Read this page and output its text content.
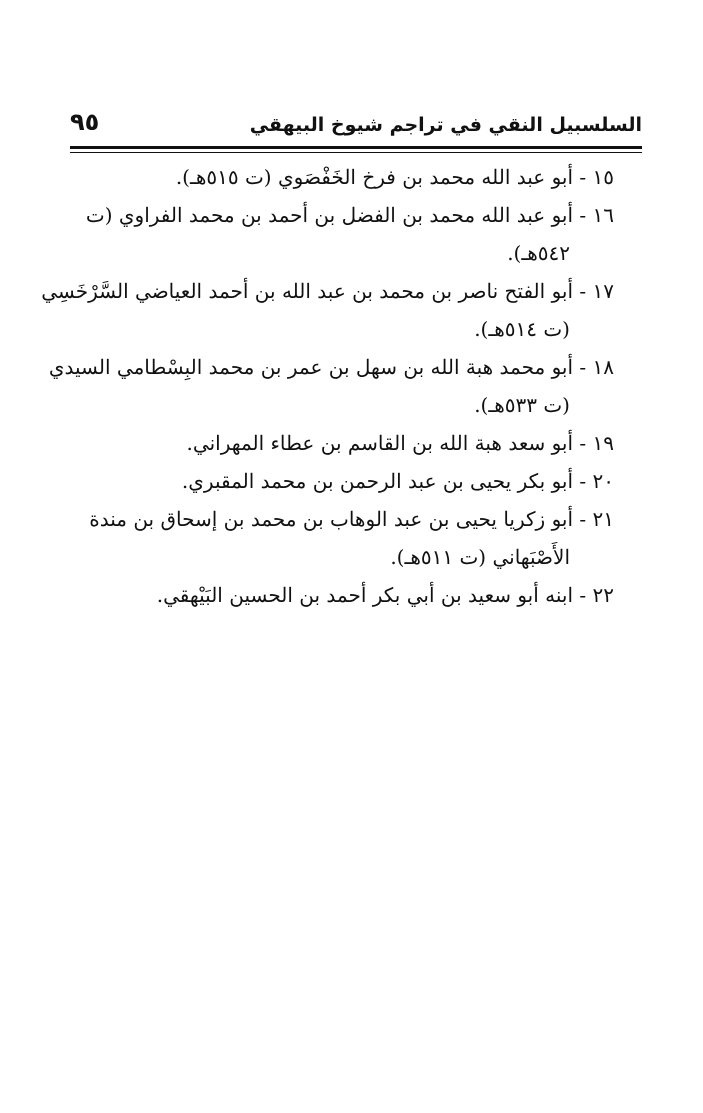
السلسبيل النقي في تراجم شيوخ البيهقي
٩٥
١٥ - أبو عبد الله محمد بن فرخ الخَفْصَوي (ت ٥١٥هـ).
١٦ - أبو عبد الله محمد بن الفضل بن أحمد بن محمد الفراوي (ت
٥٤٢هـ).
١٧ - أبو الفتح ناصر بن محمد بن عبد الله بن أحمد العياضي السَّرْخَسِي
(ت ٥١٤هـ).
١٨ - أبو محمد هبة الله بن سهل بن عمر بن محمد البِسْطامي السيدي
(ت ٥٣٣هـ).
١٩ - أبو سعد هبة الله بن القاسم بن عطاء المهراني.
٢٠ - أبو بكر يحيى بن عبد الرحمن بن محمد المقبري.
٢١ - أبو زكريا يحيى بن عبد الوهاب بن محمد بن إسحاق بن مندة
الأَصْبَهاني (ت ٥١١هـ).
٢٢ - ابنه أبو سعيد بن أبي بكر أحمد بن الحسين البَيْهقي.
